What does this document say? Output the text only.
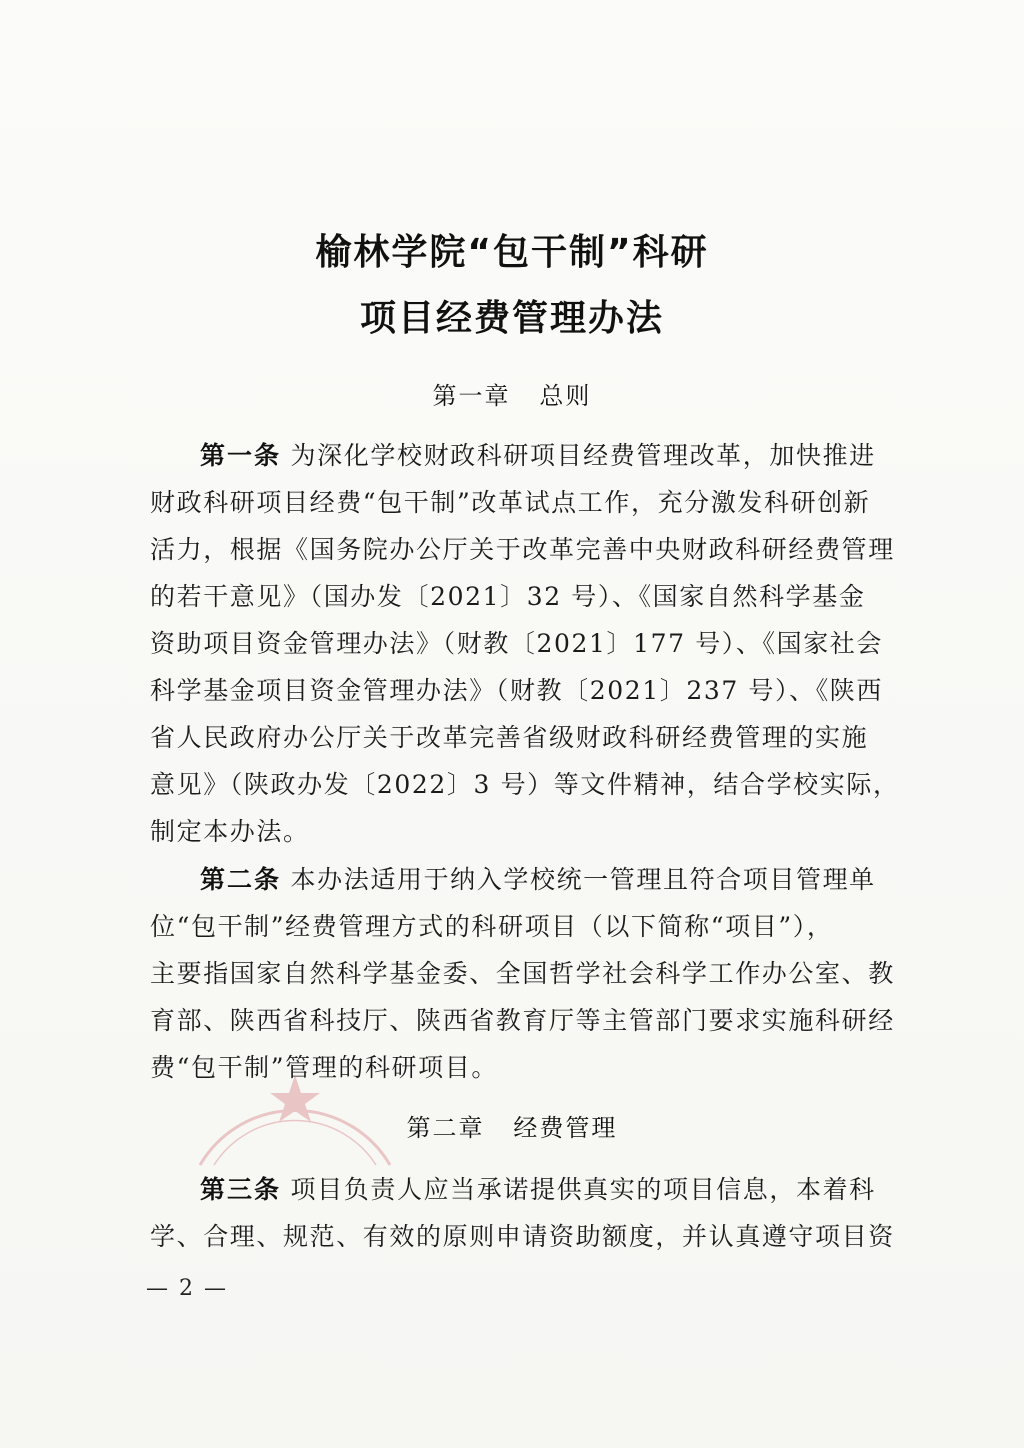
榆林学院“包干制”科研
项目经费管理办法
第一章   总则
第一条 为深化学校财政科研项目经费管理改革，加快推进
财政科研项目经费“包干制”改革试点工作，充分激发科研创新
活力，根据《国务院办公厅关于改革完善中央财政科研经费管理
的若干意见》（国办发〔2021〕32 号）、《国家自然科学基金
资助项目资金管理办法》（财教〔2021〕177 号）、《国家社会
科学基金项目资金管理办法》（财教〔2021〕237 号）、《陕西
省人民政府办公厅关于改革完善省级财政科研经费管理的实施
意见》（陕政办发〔2022〕3 号）等文件精神，结合学校实际，
制定本办法。
第二条 本办法适用于纳入学校统一管理且符合项目管理单
位“包干制”经费管理方式的科研项目（以下简称“项目”），
主要指国家自然科学基金委、全国哲学社会科学工作办公室、教
育部、陕西省科技厅、陕西省教育厅等主管部门要求实施科研经
费“包干制”管理的科研项目。
第二章   经费管理
第三条 项目负责人应当承诺提供真实的项目信息，本着科
学、合理、规范、有效的原则申请资助额度，并认真遵守项目资
— 2 —
